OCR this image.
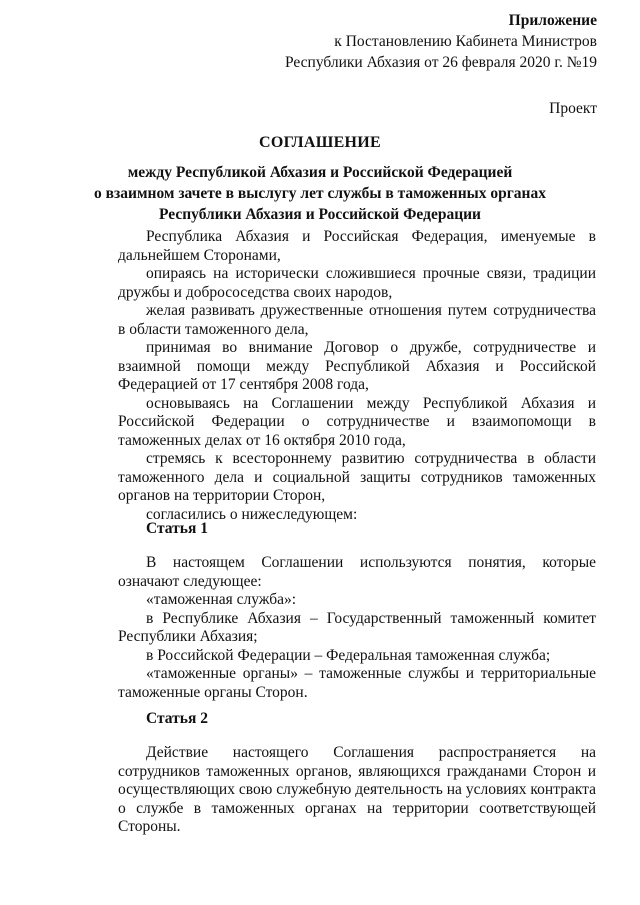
Приложение
к Постановлению Кабинета Министров
Республики Абхазия от 26 февраля 2020 г. №19
Проект
СОГЛАШЕНИЕ
между Республикой Абхазия и Российской Федерацией
о взаимном зачете в выслугу лет службы в таможенных органах
Республики Абхазия и Российской Федерации

Республика Абхазия и Российская Федерация, именуемые в дальнейшем Сторонами,

опираясь на исторически сложившиеся прочные связи, традиции дружбы и добрососедства своих народов,

желая развивать дружественные отношения путем сотрудничества в области таможенного дела,

принимая во внимание Договор о дружбе, сотрудничестве и взаимной помощи между Республикой Абхазия и Российской Федерацией от 17 сентября 2008 года,

основываясь на Соглашении между Республикой Абхазия и Российской Федерации о сотрудничестве и взаимопомощи в таможенных делах от 16 октября 2010 года,

стремясь к всестороннему развитию сотрудничества в области таможенного дела и социальной защиты сотрудников таможенных органов на территории Сторон,

согласились о нижеследующем:

Статья 1

В настоящем Соглашении используются понятия, которые означают следующее:

«таможенная служба»:

в Республике Абхазия – Государственный таможенный комитет Республики Абхазия;

в Российской Федерации – Федеральная таможенная служба;

«таможенные органы» – таможенные службы и территориальные таможенные органы Сторон.

Статья 2

Действие настоящего Соглашения распространяется на сотрудников таможенных органов, являющихся гражданами Сторон и осуществляющих свою служебную деятельность на условиях контракта о службе в таможенных органах на территории соответствующей Стороны.
